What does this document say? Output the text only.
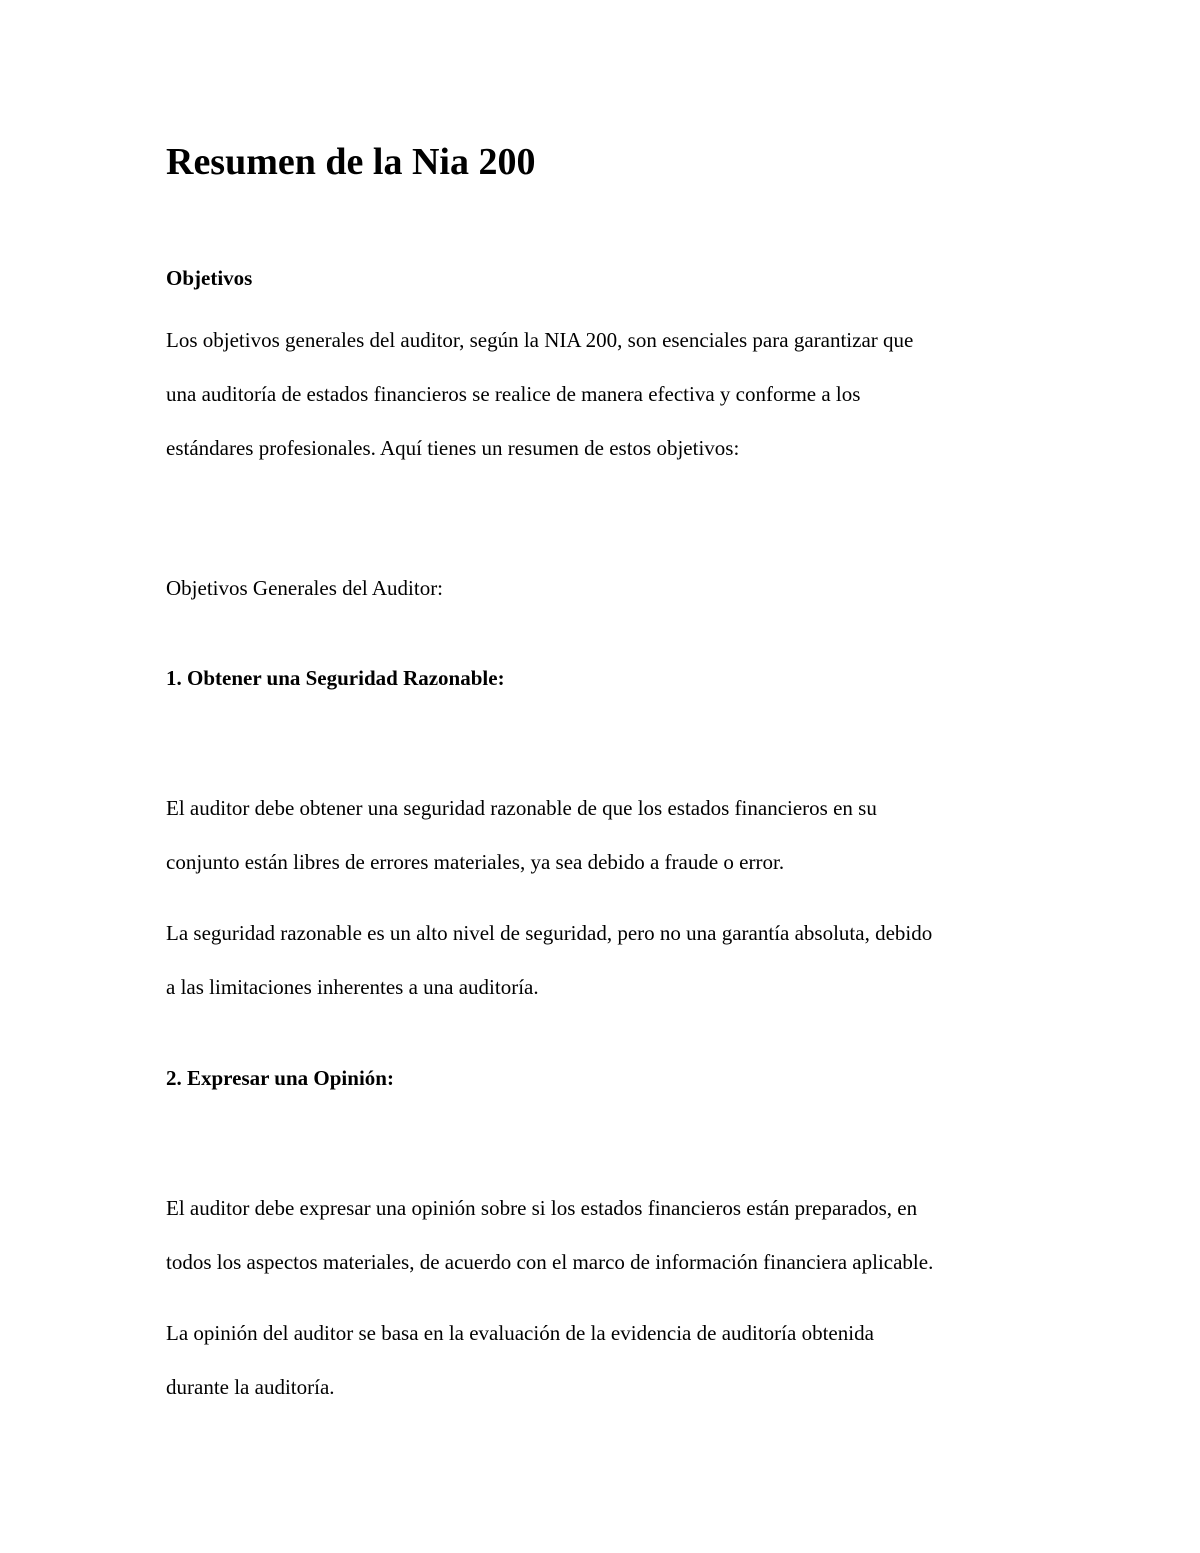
Resumen de la Nia 200
Objetivos
Los objetivos generales del auditor, según la NIA 200, son esenciales para garantizar que
una auditoría de estados financieros se realice de manera efectiva y conforme a los
estándares profesionales. Aquí tienes un resumen de estos objetivos:
Objetivos Generales del Auditor:
1. Obtener una Seguridad Razonable:
El auditor debe obtener una seguridad razonable de que los estados financieros en su
conjunto están libres de errores materiales, ya sea debido a fraude o error.
La seguridad razonable es un alto nivel de seguridad, pero no una garantía absoluta, debido
a las limitaciones inherentes a una auditoría.
2. Expresar una Opinión:
El auditor debe expresar una opinión sobre si los estados financieros están preparados, en
todos los aspectos materiales, de acuerdo con el marco de información financiera aplicable.
La opinión del auditor se basa en la evaluación de la evidencia de auditoría obtenida
durante la auditoría.
